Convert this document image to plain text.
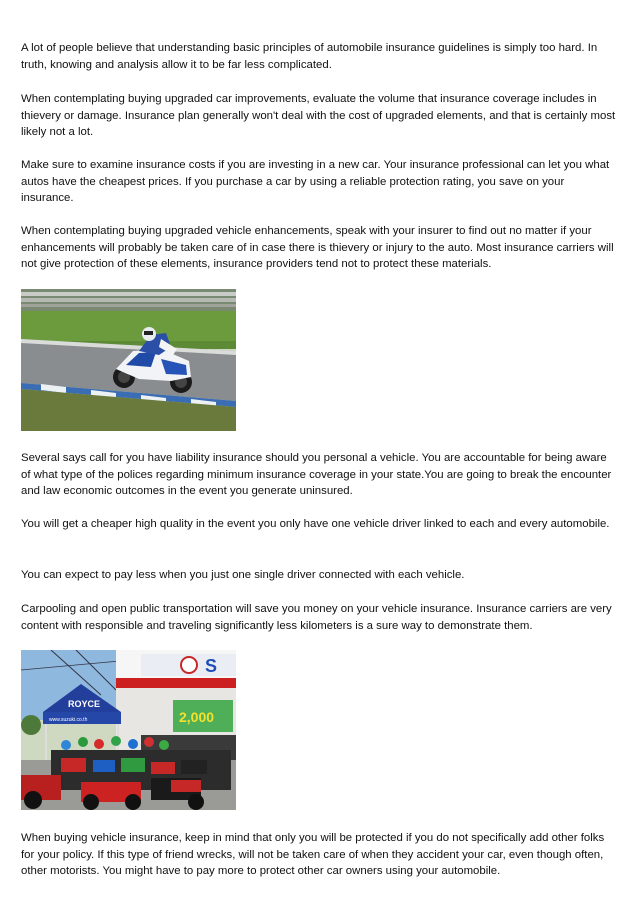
A lot of people believe that understanding basic principles of automobile insurance guidelines is simply too hard. In truth, knowing and analysis allow it to be far less complicated.

When contemplating buying upgraded car improvements, evaluate the volume that insurance coverage includes in thievery or damage. Insurance plan generally won't deal with the cost of upgraded elements, and that is certainly most likely not a lot.

Make sure to examine insurance costs if you are investing in a new car. Your insurance professional can let you what autos have the cheapest prices. If you purchase a car by using a reliable protection rating, you save on your insurance.

When contemplating buying upgraded vehicle enhancements, speak with your insurer to find out no matter if your enhancements will probably be taken care of in case there is thievery or injury to the auto. Most insurance carriers will not give protection of these elements, insurance providers tend not to protect these materials.

Several says call for you have liability insurance should you personal a vehicle. You are accountable for being aware of what type of the polices regarding minimum insurance coverage in your state.You are going to break the encounter and law economic outcomes in the event you generate uninsured.

You will get a cheaper high quality in the event you only have one vehicle driver linked to each and every automobile.

You can expect to pay less when you just one single driver connected with each vehicle.

Carpooling and open public transportation will save you money on your vehicle insurance. Insurance carriers are very content with responsible and traveling significantly less kilometers is a sure way to demonstrate them.

S
2,000
ROYCE
www.suzuki.co.th

When buying vehicle insurance, keep in mind that only you will be protected if you do not specifically add other folks for your policy. If this type of friend wrecks, will not be taken care of when they accident your car, even though often, other motorists. You might have to pay more to protect other car owners using your automobile.
